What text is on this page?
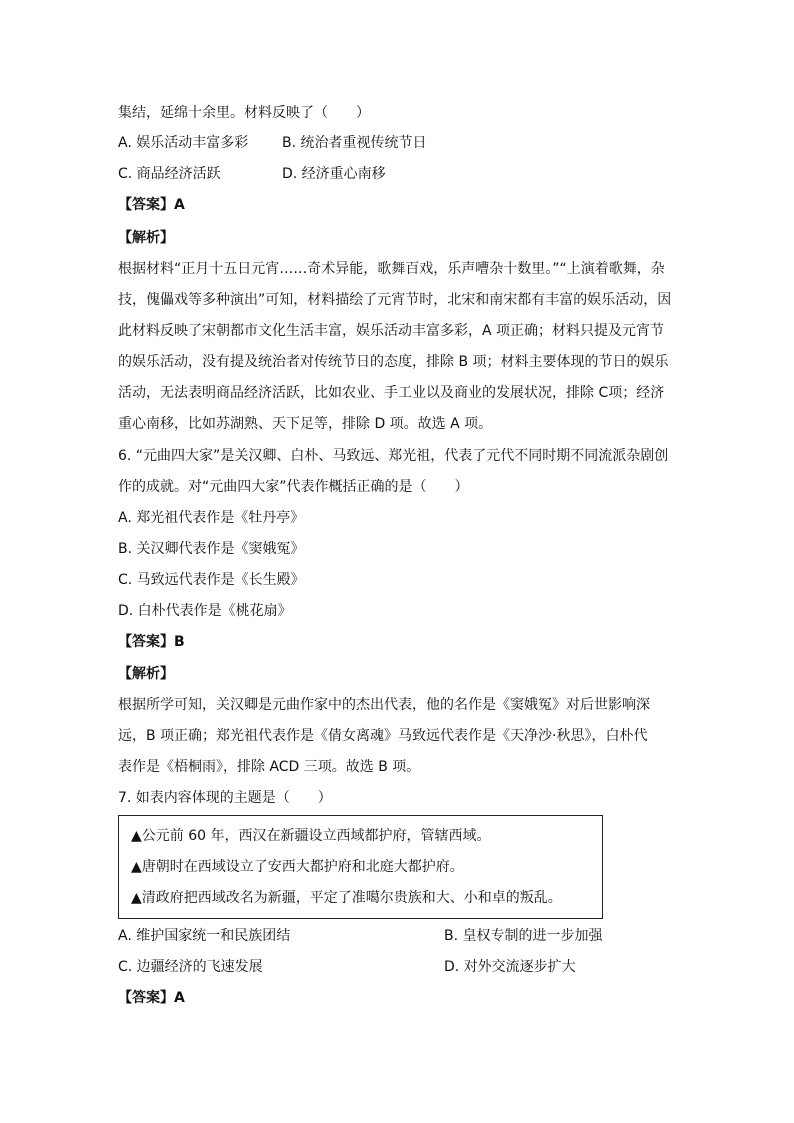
集结，延绵十余里。材料反映了（　　）
A. 娱乐活动丰富多彩 B. 统治者重视传统节日
C. 商品经济活跃	D. 经济重心南移
【答案】A
【解析】
根据材料“正月十五日元宵……奇术异能，歌舞百戏，乐声嘈杂十数里。”“上演着歌舞，杂
技，傀儡戏等多种演出”可知，材料描绘了元宵节时，北宋和南宋都有丰富的娱乐活动，因
此材料反映了宋朝都市文化生活丰富，娱乐活动丰富多彩，A 项正确；材料只提及元宵节
的娱乐活动，没有提及统治者对传统节日的态度，排除 B 项；材料主要体现的节日的娱乐
活动，无法表明商品经济活跃，比如农业、手工业以及商业的发展状况，排除 C项；经济
重心南移，比如苏湖熟、天下足等，排除 D 项。故选 A 项。
6. “元曲四大家”是关汉卿、白朴、马致远、郑光祖，代表了元代不同时期不同流派杂剧创
作的成就。对“元曲四大家”代表作概括正确的是（　　）
A. 郑光祖代表作是《牡丹亭》
B. 关汉卿代表作是《窦娥冤》
C. 马致远代表作是《长生殿》
D. 白朴代表作是《桃花扇》
【答案】B
【解析】
根据所学可知，关汉卿是元曲作家中的杰出代表，他的名作是《窦娥冤》对后世影响深
远，B 项正确；郑光祖代表作是《倩女离魂》马致远代表作是《天净沙·秋思》，白朴代
表作是《梧桐雨》，排除 ACD 三项。故选 B 项。
7. 如表内容体现的主题是（　　）
▲公元前 60 年，西汉在新疆设立西域都护府，管辖西域。
▲唐朝时在西域设立了安西大都护府和北庭大都护府。
▲清政府把西域改名为新疆，平定了准噶尔贵族和大、小和卓的叛乱。
A. 维护国家统一和民族团结	B. 皇权专制的进一步加强
C. 边疆经济的飞速发展	D. 对外交流逐步扩大
【答案】A
